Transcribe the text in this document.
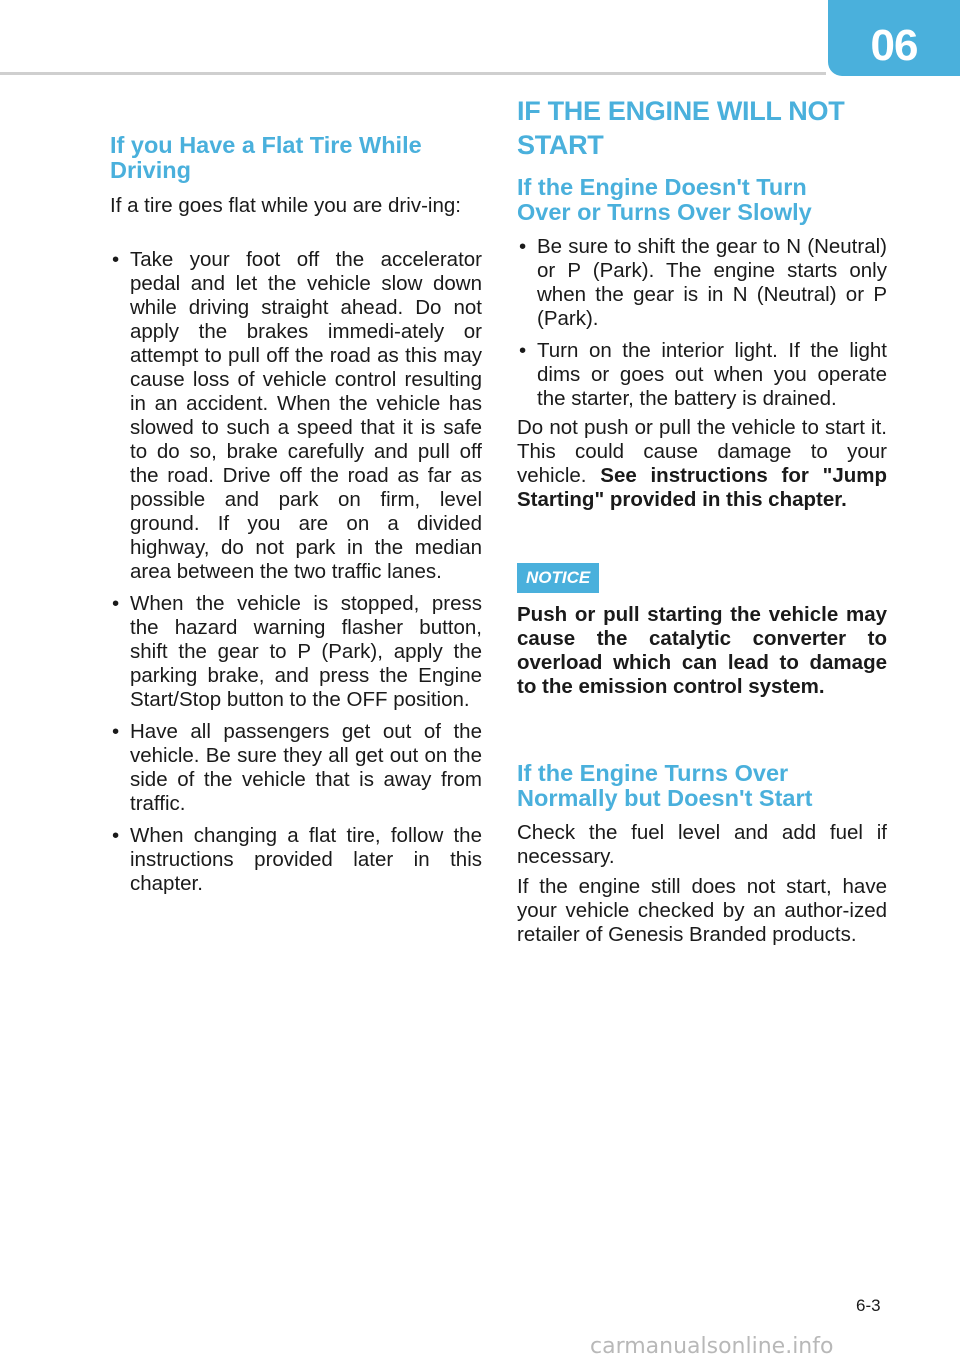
06
If you Have a Flat Tire While Driving

If a tire goes flat while you are driv-ing:

• Take your foot off the accelerator pedal and let the vehicle slow down while driving straight ahead. Do not apply the brakes immedi-ately or attempt to pull off the road as this may cause loss of vehicle control resulting in an accident. When the vehicle has slowed to such a speed that it is safe to do so, brake carefully and pull off the road. Drive off the road as far as possible and park on firm, level ground. If you are on a divided highway, do not park in the median area between the two traffic lanes.
• When the vehicle is stopped, press the hazard warning flasher button, shift the gear to P (Park), apply the parking brake, and press the Engine Start/Stop button to the OFF position.
• Have all passengers get out of the vehicle. Be sure they all get out on the side of the vehicle that is away from traffic.
• When changing a flat tire, follow the instructions provided later in this chapter.
IF THE ENGINE WILL NOT START
If the Engine Doesn't Turn Over or Turns Over Slowly
• Be sure to shift the gear to N (Neutral) or P (Park). The engine starts only when the gear is in N (Neutral) or P (Park).
• Turn on the interior light. If the light dims or goes out when you operate the starter, the battery is drained.

Do not push or pull the vehicle to start it. This could cause damage to your vehicle. See instructions for "Jump Starting" provided in this chapter.

NOTICE

Push or pull starting the vehicle may cause the catalytic converter to overload which can lead to damage to the emission control system.

If the Engine Turns Over Normally but Doesn't Start

Check the fuel level and add fuel if necessary.

If the engine still does not start, have your vehicle checked by an author-ized retailer of Genesis Branded products.

6-3
carmanualsonline.info
